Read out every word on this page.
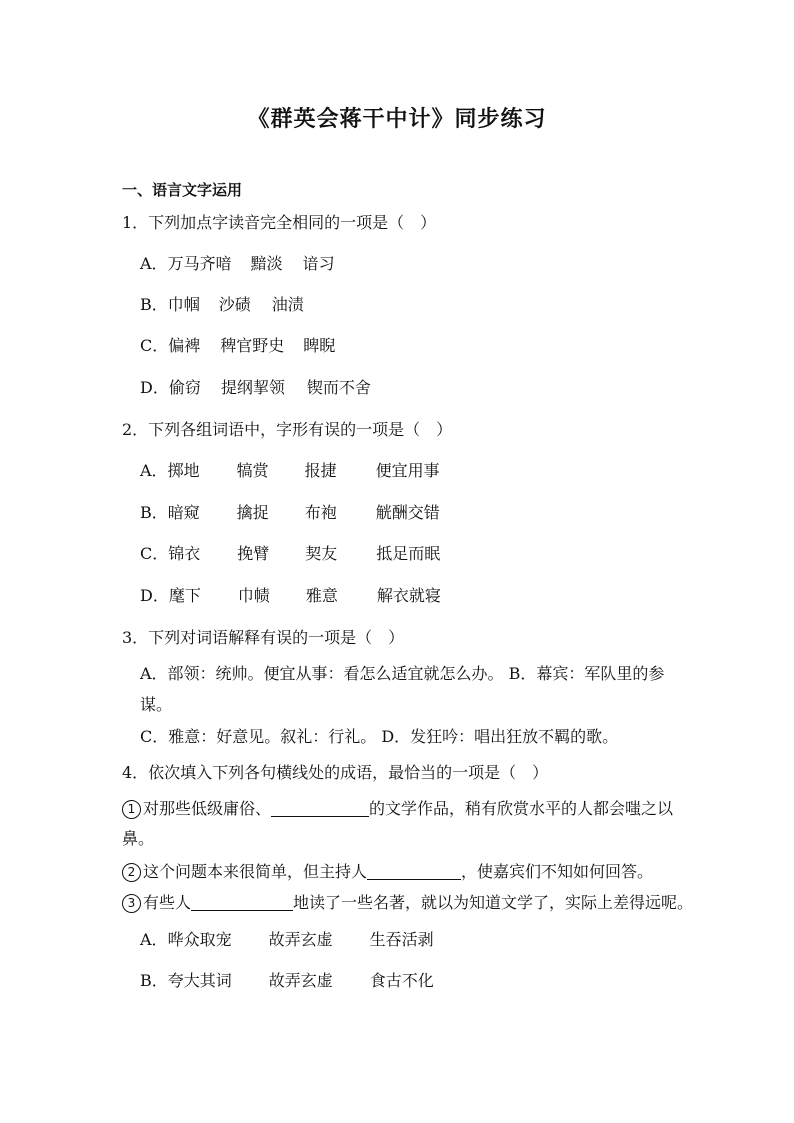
《群英会蒋干中计》同步练习
一、语言文字运用
1．下列加点字读音完全相同的一项是（　）
A．万马齐喑 黯淡 谙习
B．巾帼 沙碛 油渍
C．偏裨 稗官野史 睥睨
D．偷窃 提纲挈领 锲而不舍
2．下列各组词语中，字形有误的一项是（　）
A．掷地 犒赏 报捷 便宜用事
B．暗窥 擒捉 布袍 觥酬交错
C．锦衣 挽臂 契友 抵足而眠
D．麾下 巾帻 雅意 解衣就寝
3．下列对词语解释有误的一项是（　）
A．部领：统帅。便宜从事：看怎么适宜就怎么办。 B．幕宾：军队里的参
谋。
C．雅意：好意见。叙礼：行礼。 D．发狂吟：唱出狂放不羁的歌。
4．依次填入下列各句横线处的成语，最恰当的一项是（　）
1 对那些低级庸俗、	的文学作品，稍有欣赏水平的人都会嗤之以
鼻。
2 这个问题本来很简单，但主持人	，使嘉宾们不知如何回答。
3 有些人	地读了一些名著，就以为知道文学了，实际上差得远呢。
A．哗众取宠 故弄玄虚 生吞活剥
B．夸大其词 故弄玄虚 食古不化
